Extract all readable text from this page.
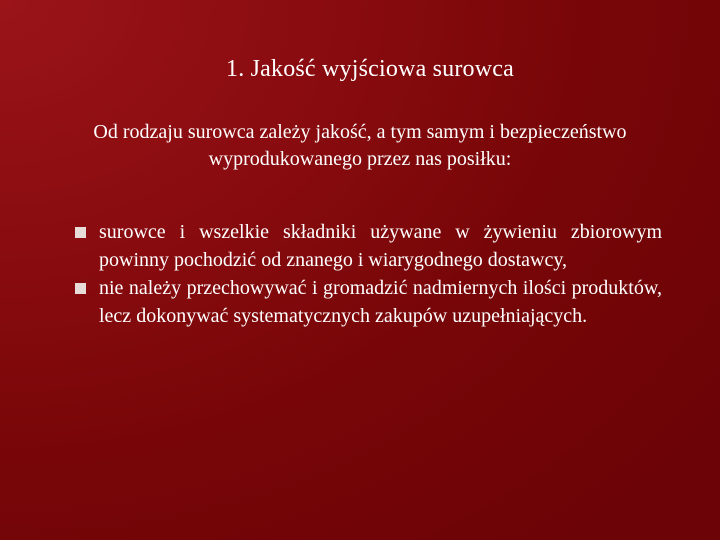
1. Jakość wyjściowa surowca

Od rodzaju surowca zależy jakość, a tym samym i bezpieczeństwo wyprodukowanego przez nas posiłku:

surowce i wszelkie składniki używane w żywieniu zbiorowym powinny pochodzić od znanego i wiarygodnego dostawcy,
nie należy przechowywać i gromadzić nadmiernych ilości produktów, lecz dokonywać systematycznych zakupów uzupełniających.
